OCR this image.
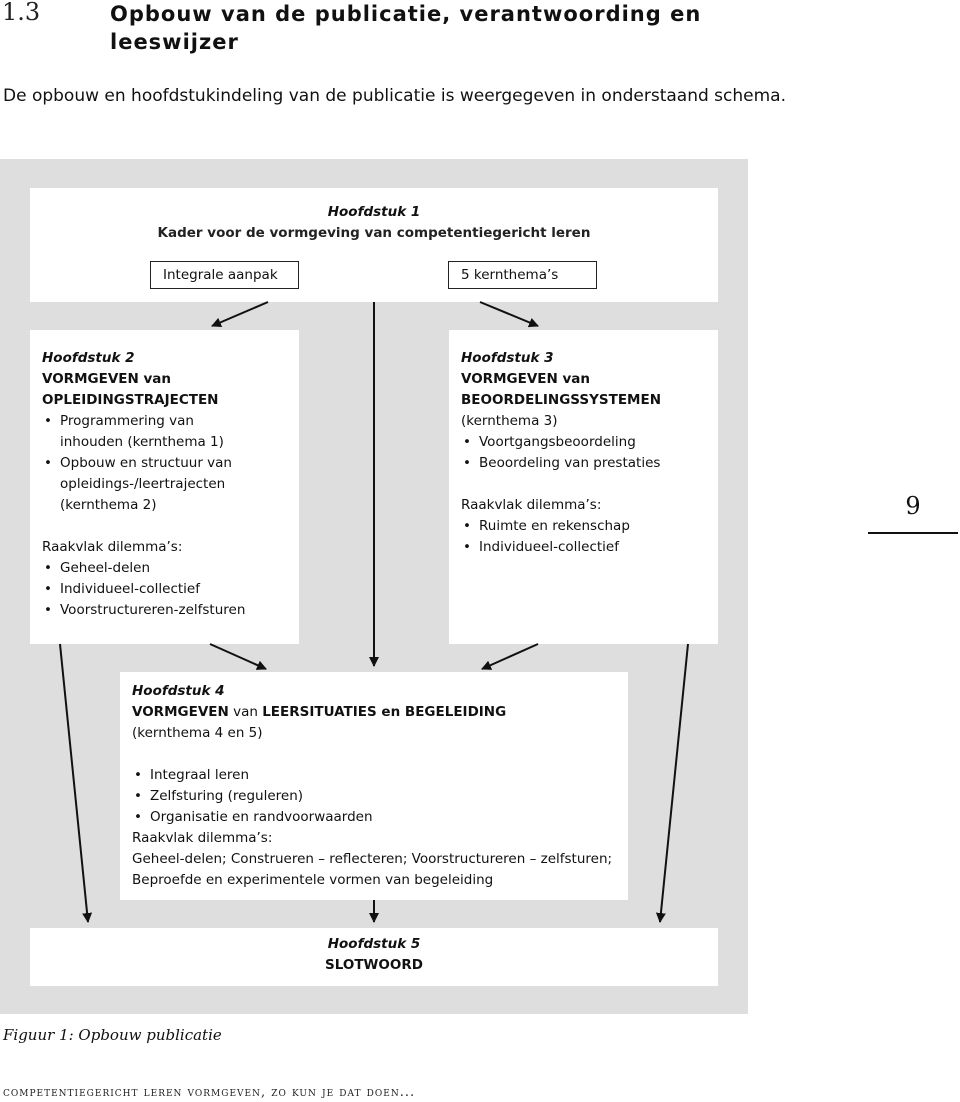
1.3	Opbouw van de publicatie, verantwoording en leeswijzer
De opbouw en hoofdstukindeling van de publicatie is weergegeven in onderstaand schema.
Hoofdstuk 1
Kader voor de vormgeving van competentiegericht leren
Integrale aanpak	5 kernthema’s
Hoofdstuk 2
VORMGEVEN van
OPLEIDINGSTRAJECTEN
• Programmering van inhouden (kernthema 1)
• Opbouw en structuur van opleidings-/leertrajecten (kernthema 2)
Raakvlak dilemma’s:
• Geheel-delen
• Individueel-collectief
• Voorstructureren-zelfsturen
Hoofdstuk 3
VORMGEVEN van
BEOORDELINGSSYSTEMEN
(kernthema 3)
• Voortgangsbeoordeling
• Beoordeling van prestaties
Raakvlak dilemma’s:
• Ruimte en rekenschap
• Individueel-collectief
Hoofdstuk 4
VORMGEVEN van LEERSITUATIES en BEGELEIDING
(kernthema 4 en 5)
• Integraal leren
• Zelfsturing (reguleren)
• Organisatie en randvoorwaarden
Raakvlak dilemma’s:
Geheel-delen; Construeren – reflecteren; Voorstructureren – zelfsturen;
Beproefde en experimentele vormen van begeleiding
Hoofdstuk 5
SLOTWOORD
9
Figuur 1: Opbouw publicatie
competentiegericht leren vormgeven, zo kun je dat doen...
